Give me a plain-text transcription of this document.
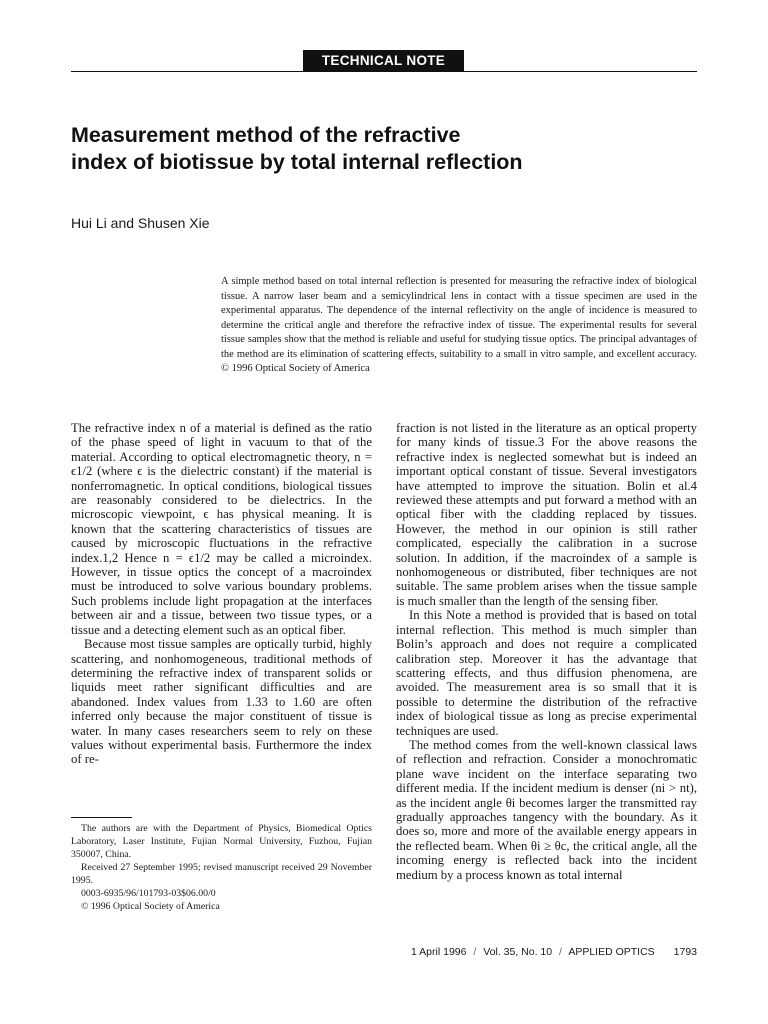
TECHNICAL NOTE
Measurement method of the refractive
index of biotissue by total internal reflection
Hui Li and Shusen Xie

A simple method based on total internal reflection is presented for measuring the refractive index of biological tissue. A narrow laser beam and a semicylindrical lens in contact with a tissue specimen are used in the experimental apparatus. The dependence of the internal reflectivity on the angle of incidence is measured to determine the critical angle and therefore the refractive index of tissue. The experimental results for several tissue samples show that the method is reliable and useful for studying tissue optics. The principal advantages of the method are its elimination of scattering effects, suitability to a small in vitro sample, and excellent accuracy. © 1996 Optical Society of America

The refractive index n of a material is defined as the ratio of the phase speed of light in vacuum to that of the material. According to optical electromagnetic theory, n = ϵ1/2 (where ϵ is the dielectric constant) if the material is nonferromagnetic. In optical conditions, biological tissues are reasonably considered to be dielectrics. In the microscopic viewpoint, ϵ has physical meaning. It is known that the scattering characteristics of tissues are caused by microscopic fluctuations in the refractive index.1,2 Hence n = ϵ1/2 may be called a microindex. However, in tissue optics the concept of a macroindex must be introduced to solve various boundary problems. Such problems include light propagation at the interfaces between air and a tissue, between two tissue types, or a tissue and a detecting element such as an optical fiber.

Because most tissue samples are optically turbid, highly scattering, and nonhomogeneous, traditional methods of determining the refractive index of transparent solids or liquids meet rather significant difficulties and are abandoned. Index values from 1.33 to 1.60 are often inferred only because the major constituent of tissue is water. In many cases researchers seem to rely on these values without experimental basis. Furthermore the index of re-

fraction is not listed in the literature as an optical property for many kinds of tissue.3 For the above reasons the refractive index is neglected somewhat but is indeed an important optical constant of tissue. Several investigators have attempted to improve the situation. Bolin et al.4 reviewed these attempts and put forward a method with an optical fiber with the cladding replaced by tissues. However, the method in our opinion is still rather complicated, especially the calibration in a sucrose solution. In addition, if the macroindex of a sample is nonhomogeneous or distributed, fiber techniques are not suitable. The same problem arises when the tissue sample is much smaller than the length of the sensing fiber.

In this Note a method is provided that is based on total internal reflection. This method is much simpler than Bolin’s approach and does not require a complicated calibration step. Moreover it has the advantage that scattering effects, and thus diffusion phenomena, are avoided. The measurement area is so small that it is possible to determine the distribution of the refractive index of biological tissue as long as precise experimental techniques are used.

The method comes from the well-known classical laws of reflection and refraction. Consider a monochromatic plane wave incident on the interface separating two different media. If the incident medium is denser (ni > nt), as the incident angle θi becomes larger the transmitted ray gradually approaches tangency with the boundary. As it does so, more and more of the available energy appears in the reflected beam. When θi ≥ θc, the critical angle, all the incoming energy is reflected back into the incident medium by a process known as total internal

The authors are with the Department of Physics, Biomedical Optics Laboratory, Laser Institute, Fujian Normal University, Fuzhou, Fujian 350007, China.

Received 27 September 1995; revised manuscript received 29 November 1995.

0003-6935/96/101793-03$06.00/0

© 1996 Optical Society of America

1 April 1996 / Vol. 35, No. 10 / APPLIED OPTICS 1793
